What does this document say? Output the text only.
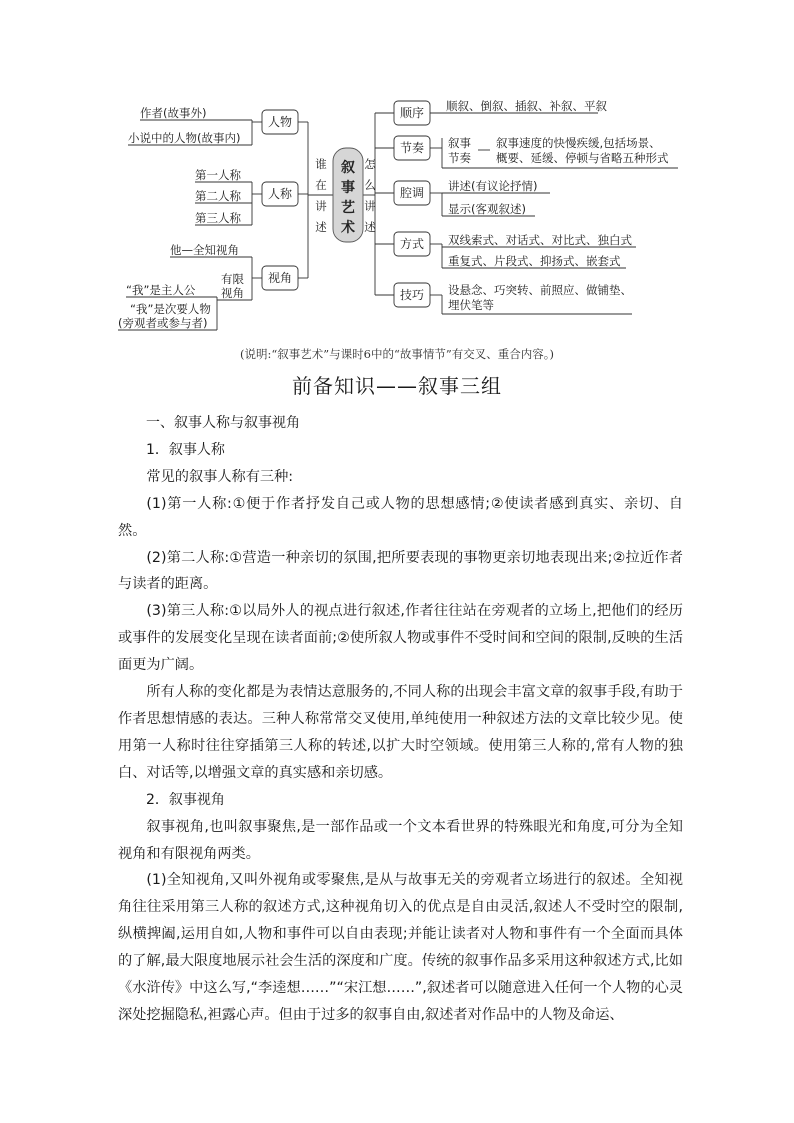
作者(故事外)
小说中的人物(故事内)
第一人称
第二人称
第三人称
他—全知视角
有限
视角
“我”是主人公
“我”是次要人物
(旁观者或参与者)
人物
人称
视角
顺序
节奏
腔调
方式
技巧
叙
事
艺
术
谁
在
讲
述
怎
么
讲
述
顺叙、倒叙、插叙、补叙、平叙
叙事
节奏
叙事速度的快慢疾缓,包括场景、
概要、延缓、停顿与省略五种形式
讲述(有议论抒情)
显示(客观叙述)
双线索式、对话式、对比式、独白式
重复式、片段式、抑扬式、嵌套式
设悬念、巧突转、前照应、做铺垫、
埋伏笔等
(说明:“叙事艺术”与课时6中的“故事情节”有交叉、重合内容。)
前备知识——叙事三组

一、叙事人称与叙事视角

1．叙事人称

常见的叙事人称有三种:

(1)第一人称:①便于作者抒发自己或人物的思想感情;②使读者感到真实、亲切、自然。

(2)第二人称:①营造一种亲切的氛围,把所要表现的事物更亲切地表现出来;②拉近作者与读者的距离。

(3)第三人称:①以局外人的视点进行叙述,作者往往站在旁观者的立场上,把他们的经历或事件的发展变化呈现在读者面前;②使所叙人物或事件不受时间和空间的限制,反映的生活面更为广阔。

所有人称的变化都是为表情达意服务的,不同人称的出现会丰富文章的叙事手段,有助于作者思想情感的表达。三种人称常常交叉使用,单纯使用一种叙述方法的文章比较少见。使用第一人称时往往穿插第三人称的转述,以扩大时空领域。使用第三人称的,常有人物的独白、对话等,以增强文章的真实感和亲切感。

2．叙事视角

叙事视角,也叫叙事聚焦,是一部作品或一个文本看世界的特殊眼光和角度,可分为全知视角和有限视角两类。

(1)全知视角,又叫外视角或零聚焦,是从与故事无关的旁观者立场进行的叙述。全知视角往往采用第三人称的叙述方式,这种视角切入的优点是自由灵活,叙述人不受时空的限制,纵横捭阖,运用自如,人物和事件可以自由表现;并能让读者对人物和事件有一个全面而具体的了解,最大限度地展示社会生活的深度和广度。传统的叙事作品多采用这种叙述方式,比如《水浒传》中这么写,“李逵想……”“宋江想……”,叙述者可以随意进入任何一个人物的心灵深处挖掘隐私,袒露心声。但由于过多的叙事自由,叙述者对作品中的人物及命运、
